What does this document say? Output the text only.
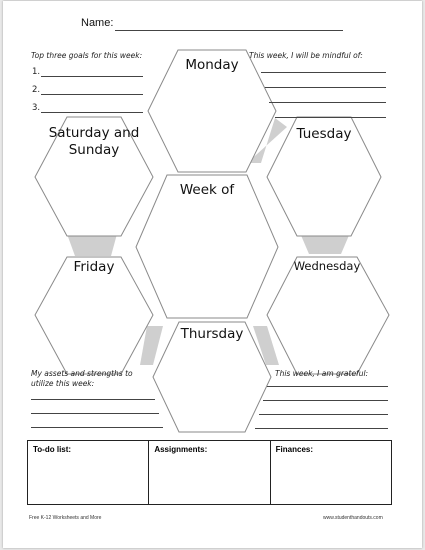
Name:
Monday
Saturday and Sunday
Tuesday
Week of
Friday	Wednesday
Thursday
Top three goals for this week:
1.
2.
3.
This week, I will be mindful of:
My assets and strengths to utilize this week:
This week, I am grateful:
To-do list:	Assignments:	Finances:
Free K-12 Worksheets and More	www.studenthandouts.com
